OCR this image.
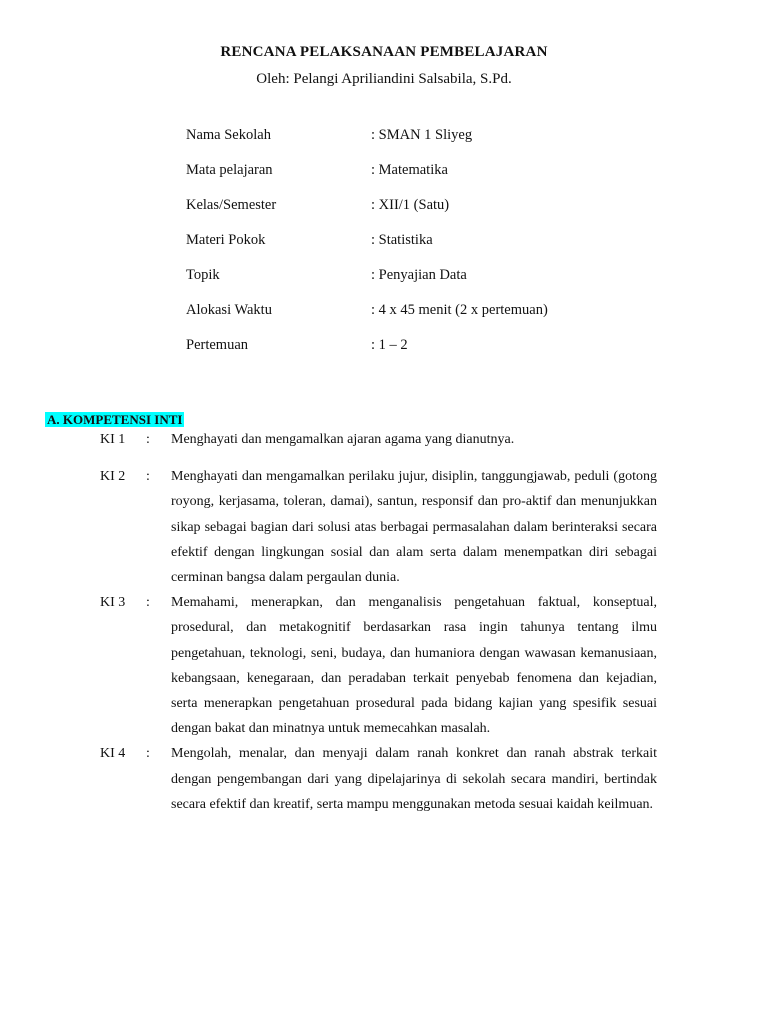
RENCANA PELAKSANAAN PEMBELAJARAN
Oleh: Pelangi Apriliandini Salsabila, S.Pd.
Nama Sekolah	: SMAN 1 Sliyeg
Mata pelajaran	: Matematika
Kelas/Semester	: XII/1 (Satu)
Materi Pokok	: Statistika
Topik	: Penyajian Data
Alokasi Waktu	: 4 x 45 menit (2 x pertemuan)
Pertemuan	: 1 – 2
A. KOMPETENSI INTI
KI 1 : Menghayati dan mengamalkan ajaran agama yang dianutnya.
KI 2 : Menghayati dan mengamalkan perilaku jujur, disiplin, tanggungjawab, peduli (gotong royong, kerjasama, toleran, damai), santun, responsif dan pro-aktif dan menunjukkan sikap sebagai bagian dari solusi atas berbagai permasalahan dalam berinteraksi secara efektif dengan lingkungan sosial dan alam serta dalam menempatkan diri sebagai cerminan bangsa dalam pergaulan dunia.
KI 3 : Memahami, menerapkan, dan menganalisis pengetahuan faktual, konseptual, prosedural, dan metakognitif berdasarkan rasa ingin tahunya tentang ilmu pengetahuan, teknologi, seni, budaya, dan humaniora dengan wawasan kemanusiaan, kebangsaan, kenegaraan, dan peradaban terkait penyebab fenomena dan kejadian, serta menerapkan pengetahuan prosedural pada bidang kajian yang spesifik sesuai dengan bakat dan minatnya untuk memecahkan masalah.
KI 4 : Mengolah, menalar, dan menyaji dalam ranah konkret dan ranah abstrak terkait dengan pengembangan dari yang dipelajarinya di sekolah secara mandiri, bertindak secara efektif dan kreatif, serta mampu menggunakan metoda sesuai kaidah keilmuan.
